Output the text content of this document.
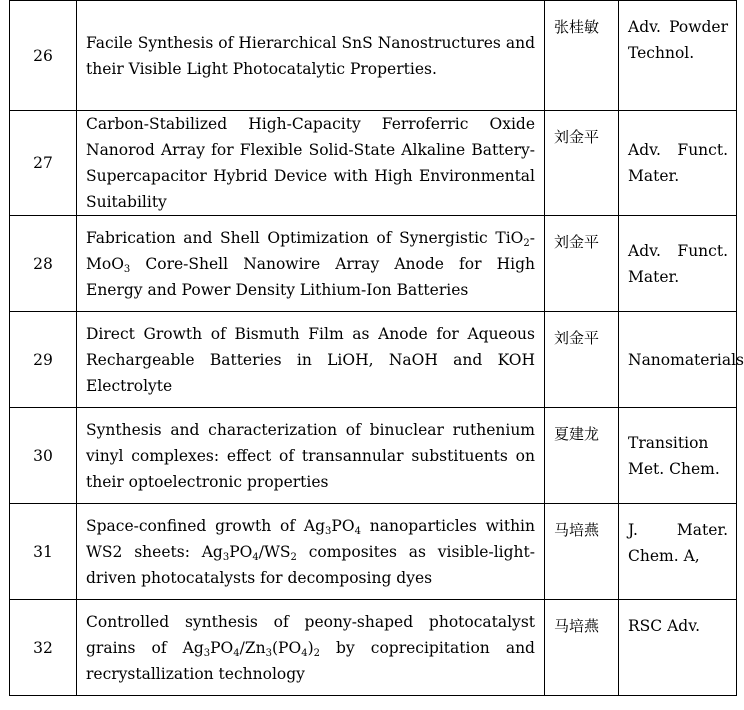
26	Facile Synthesis of Hierarchical SnS Nanostructures and their Visible Light Photocatalytic Properties.	张桂敏	Adv. Powder Technol.
27	Carbon-Stabilized High-Capacity Ferroferric Oxide Nanorod Array for Flexible Solid-State Alkaline Battery-Supercapacitor Hybrid Device with High Environmental Suitability	刘金平	Adv. Funct. Mater.
28	Fabrication and Shell Optimization of Synergistic TiO$_2$-MoO$_3$ Core-Shell Nanowire Array Anode for High Energy and Power Density Lithium-Ion Batteries	刘金平	Adv. Funct. Mater.
29	Direct Growth of Bismuth Film as Anode for Aqueous Rechargeable Batteries in LiOH, NaOH and KOH Electrolyte	刘金平	Nanomaterials
30	Synthesis and characterization of binuclear ruthenium vinyl complexes: effect of transannular substituents on their optoelectronic properties	夏建龙	Transition Met. Chem.
31	Space-confined growth of $Ag_3PO_4$ nanoparticles within WS2 sheets: $Ag_3PO_4/WS_2$ composites as visible-light-driven photocatalysts for decomposing dyes	马培燕	J. Mater. Chem. A,
32	Controlled synthesis of peony-shaped photocatalyst grains of $Ag_3PO_4/Zn_3(PO_4)_2$ by coprecipitation and recrystallization technology	马培燕	RSC Adv.
